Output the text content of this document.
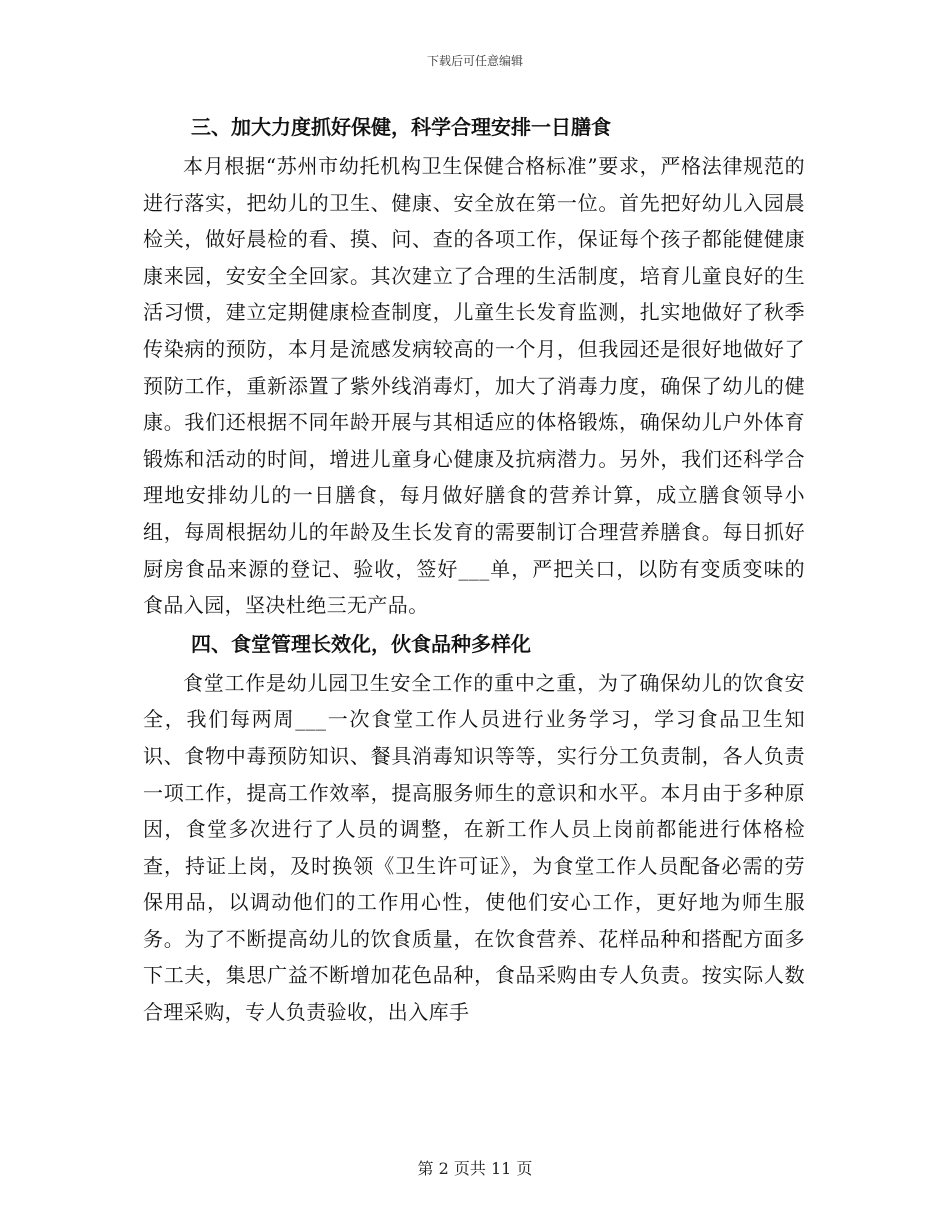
下载后可任意编辑
三、加大力度抓好保健，科学合理安排一日膳食

本月根据“苏州市幼托机构卫生保健合格标准”要求，严格法律规范的进行落实，把幼儿的卫生、健康、安全放在第一位。首先把好幼儿入园晨检关，做好晨检的看、摸、问、查的各项工作，保证每个孩子都能健健康康来园，安安全全回家。其次建立了合理的生活制度，培育儿童良好的生活习惯，建立定期健康检查制度，儿童生长发育监测，扎实地做好了秋季传染病的预防，本月是流感发病较高的一个月，但我园还是很好地做好了预防工作，重新添置了紫外线消毒灯，加大了消毒力度，确保了幼儿的健康。我们还根据不同年龄开展与其相适应的体格锻炼，确保幼儿户外体育锻炼和活动的时间，增进儿童身心健康及抗病潜力。另外，我们还科学合理地安排幼儿的一日膳食，每月做好膳食的营养计算，成立膳食领导小组，每周根据幼儿的年龄及生长发育的需要制订合理营养膳食。每日抓好厨房食品来源的登记、验收，签好___单，严把关口，以防有变质变味的食品入园，坚决杜绝三无产品。

四、食堂管理长效化，伙食品种多样化

食堂工作是幼儿园卫生安全工作的重中之重，为了确保幼儿的饮食安全，我们每两周___一次食堂工作人员进行业务学习，学习食品卫生知识、食物中毒预防知识、餐具消毒知识等等，实行分工负责制，各人负责一项工作，提高工作效率，提高服务师生的意识和水平。本月由于多种原因，食堂多次进行了人员的调整，在新工作人员上岗前都能进行体格检查，持证上岗，及时换领《卫生许可证》，为食堂工作人员配备必需的劳保用品，以调动他们的工作用心性，使他们安心工作，更好地为师生服务。为了不断提高幼儿的饮食质量，在饮食营养、花样品种和搭配方面多下工夫，集思广益不断增加花色品种，食品采购由专人负责。按实际人数合理采购，专人负责验收，出入库手

第 2 页共 11 页
